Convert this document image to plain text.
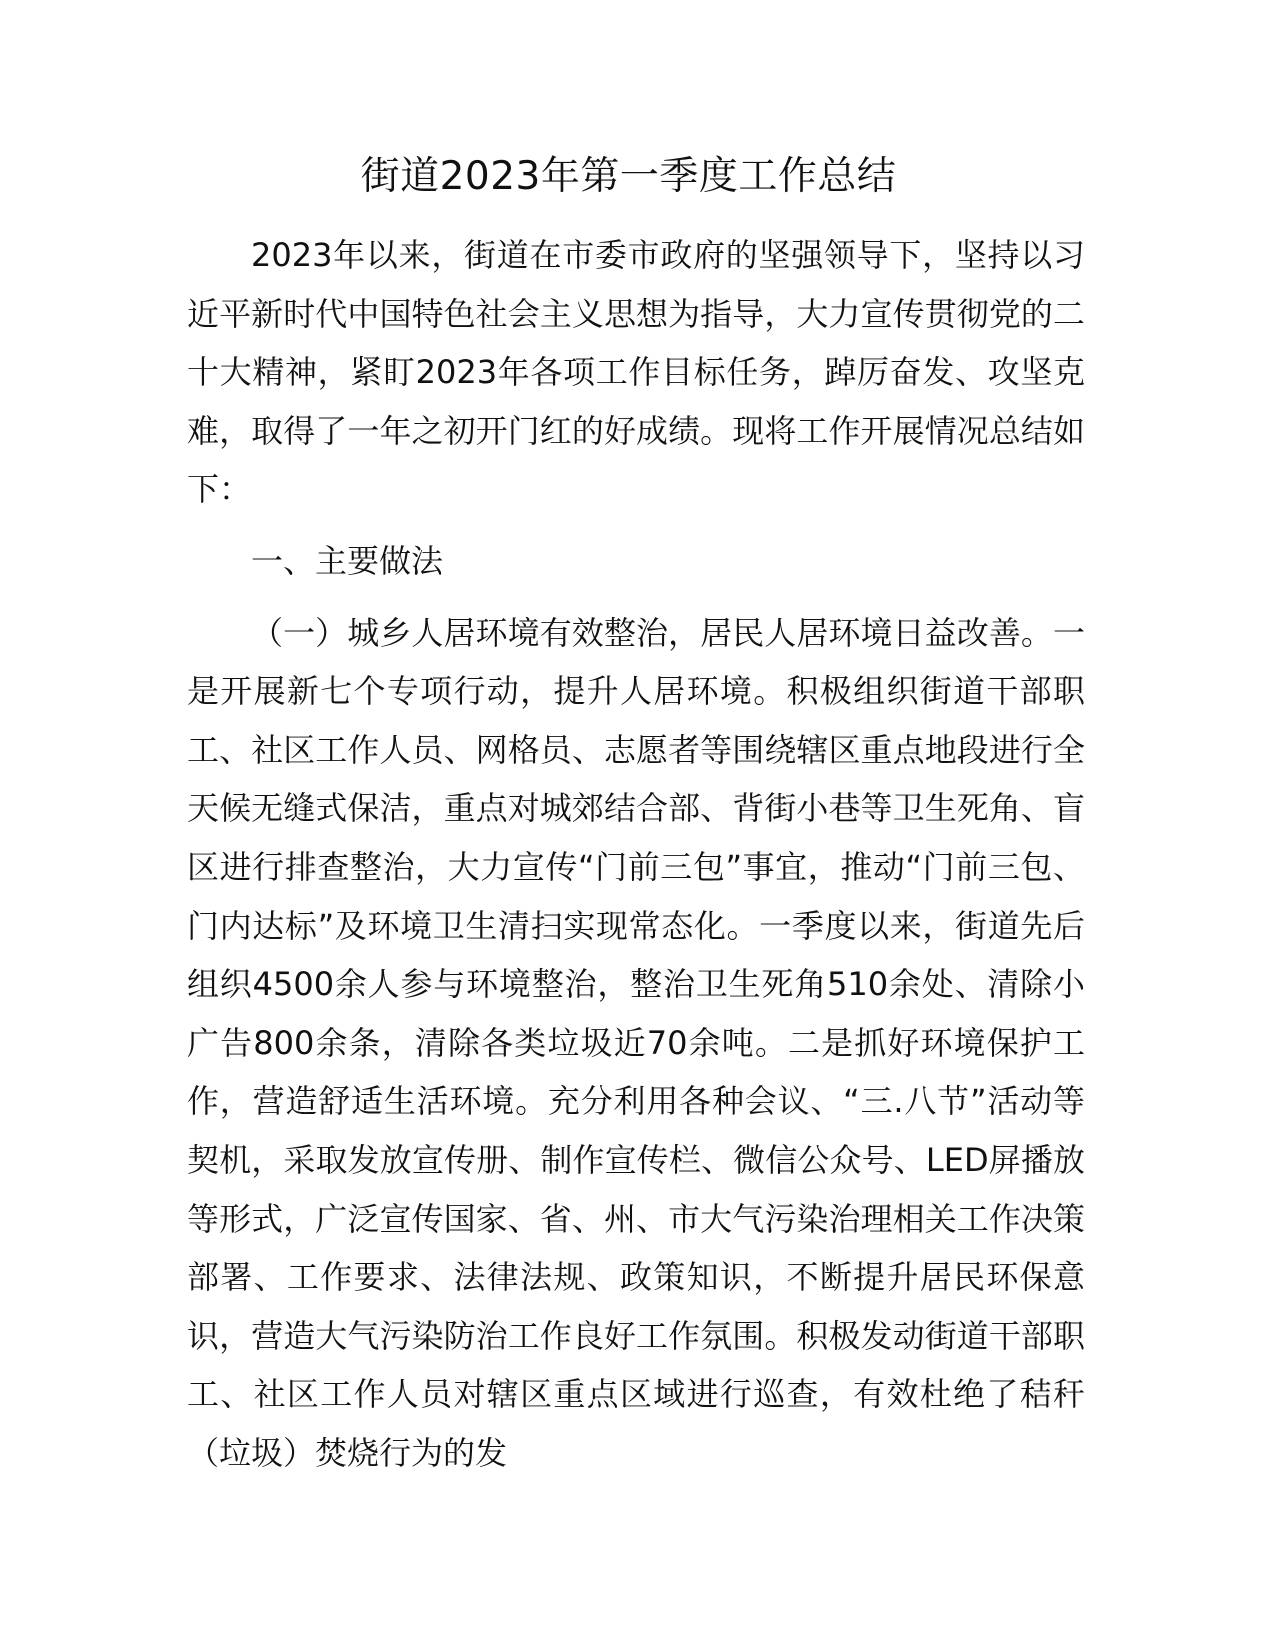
街道2023年第一季度工作总结

2023年以来，街道在市委市政府的坚强领导下，坚持以习近平新时代中国特色社会主义思想为指导，大力宣传贯彻党的二十大精神，紧盯2023年各项工作目标任务，踔厉奋发、攻坚克难，取得了一年之初开门红的好成绩。现将工作开展情况总结如下：

一、主要做法

（一）城乡人居环境有效整治，居民人居环境日益改善。一是开展新七个专项行动，提升人居环境。积极组织街道干部职工、社区工作人员、网格员、志愿者等围绕辖区重点地段进行全天候无缝式保洁，重点对城郊结合部、背街小巷等卫生死角、盲区进行排查整治，大力宣传“门前三包”事宜，推动“门前三包、门内达标”及环境卫生清扫实现常态化。一季度以来，街道先后组织4500余人参与环境整治，整治卫生死角510余处、清除小广告800余条，清除各类垃圾近70余吨。二是抓好环境保护工作，营造舒适生活环境。充分利用各种会议、“三.八节”活动等契机，采取发放宣传册、制作宣传栏、微信公众号、LED屏播放等形式，广泛宣传国家、省、州、市大气污染治理相关工作决策部署、工作要求、法律法规、政策知识，不断提升居民环保意识，营造大气污染防治工作良好工作氛围。积极发动街道干部职工、社区工作人员对辖区重点区域进行巡查，有效杜绝了秸秆（垃圾）焚烧行为的发
